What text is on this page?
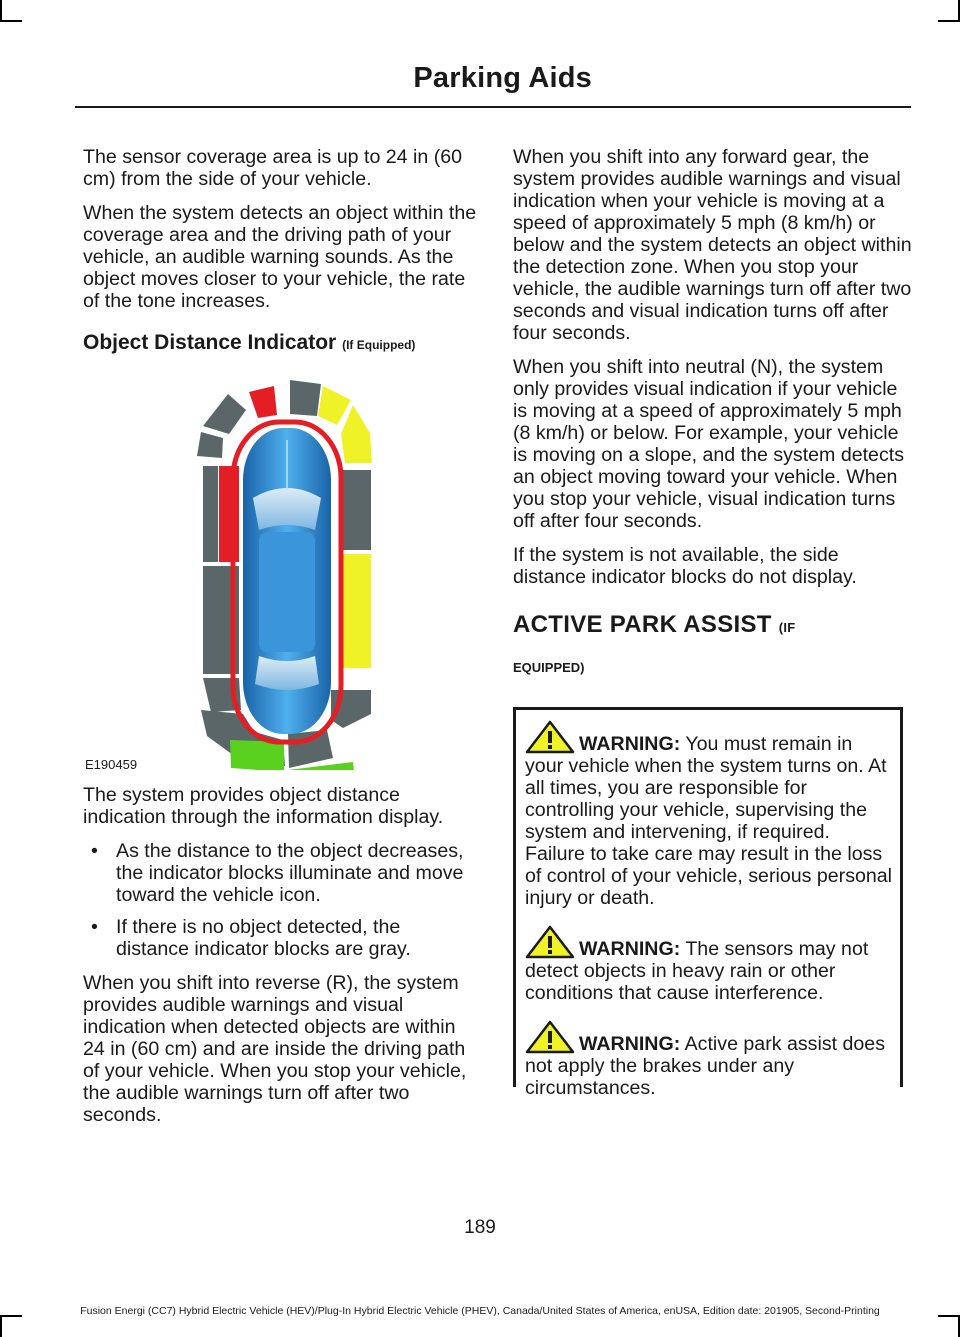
Parking Aids

The sensor coverage area is up to 24 in (60 cm) from the side of your vehicle.

When the system detects an object within the coverage area and the driving path of your vehicle, an audible warning sounds. As the object moves closer to your vehicle, the rate of the tone increases.

Object Distance Indicator (If Equipped)
E190459

The system provides object distance indication through the information display.

• As the distance to the object decreases, the indicator blocks illuminate and move toward the vehicle icon.
• If there is no object detected, the distance indicator blocks are gray.

When you shift into reverse (R), the system provides audible warnings and visual indication when detected objects are within 24 in (60 cm) and are inside the driving path of your vehicle. When you stop your vehicle, the audible warnings turn off after two seconds.

When you shift into any forward gear, the system provides audible warnings and visual indication when your vehicle is moving at a speed of approximately 5 mph (8 km/h) or below and the system detects an object within the detection zone. When you stop your vehicle, the audible warnings turn off after two seconds and visual indication turns off after four seconds.

When you shift into neutral (N), the system only provides visual indication if your vehicle is moving at a speed of approximately 5 mph (8 km/h) or below. For example, your vehicle is moving on a slope, and the system detects an object moving toward your vehicle. When you stop your vehicle, visual indication turns off after four seconds.

If the system is not available, the side distance indicator blocks do not display.

ACTIVE PARK ASSIST (IF
EQUIPPED)
WARNING: You must remain in your vehicle when the system turns on. At all times, you are responsible for controlling your vehicle, supervising the system and intervening, if required. Failure to take care may result in the loss of control of your vehicle, serious personal injury or death.
WARNING: The sensors may not detect objects in heavy rain or other conditions that cause interference.
WARNING: Active park assist does not apply the brakes under any circumstances.
189
Fusion Energi (CC7) Hybrid Electric Vehicle (HEV)/Plug-In Hybrid Electric Vehicle (PHEV), Canada/United States of America, enUSA, Edition date: 201905, Second-Printing
